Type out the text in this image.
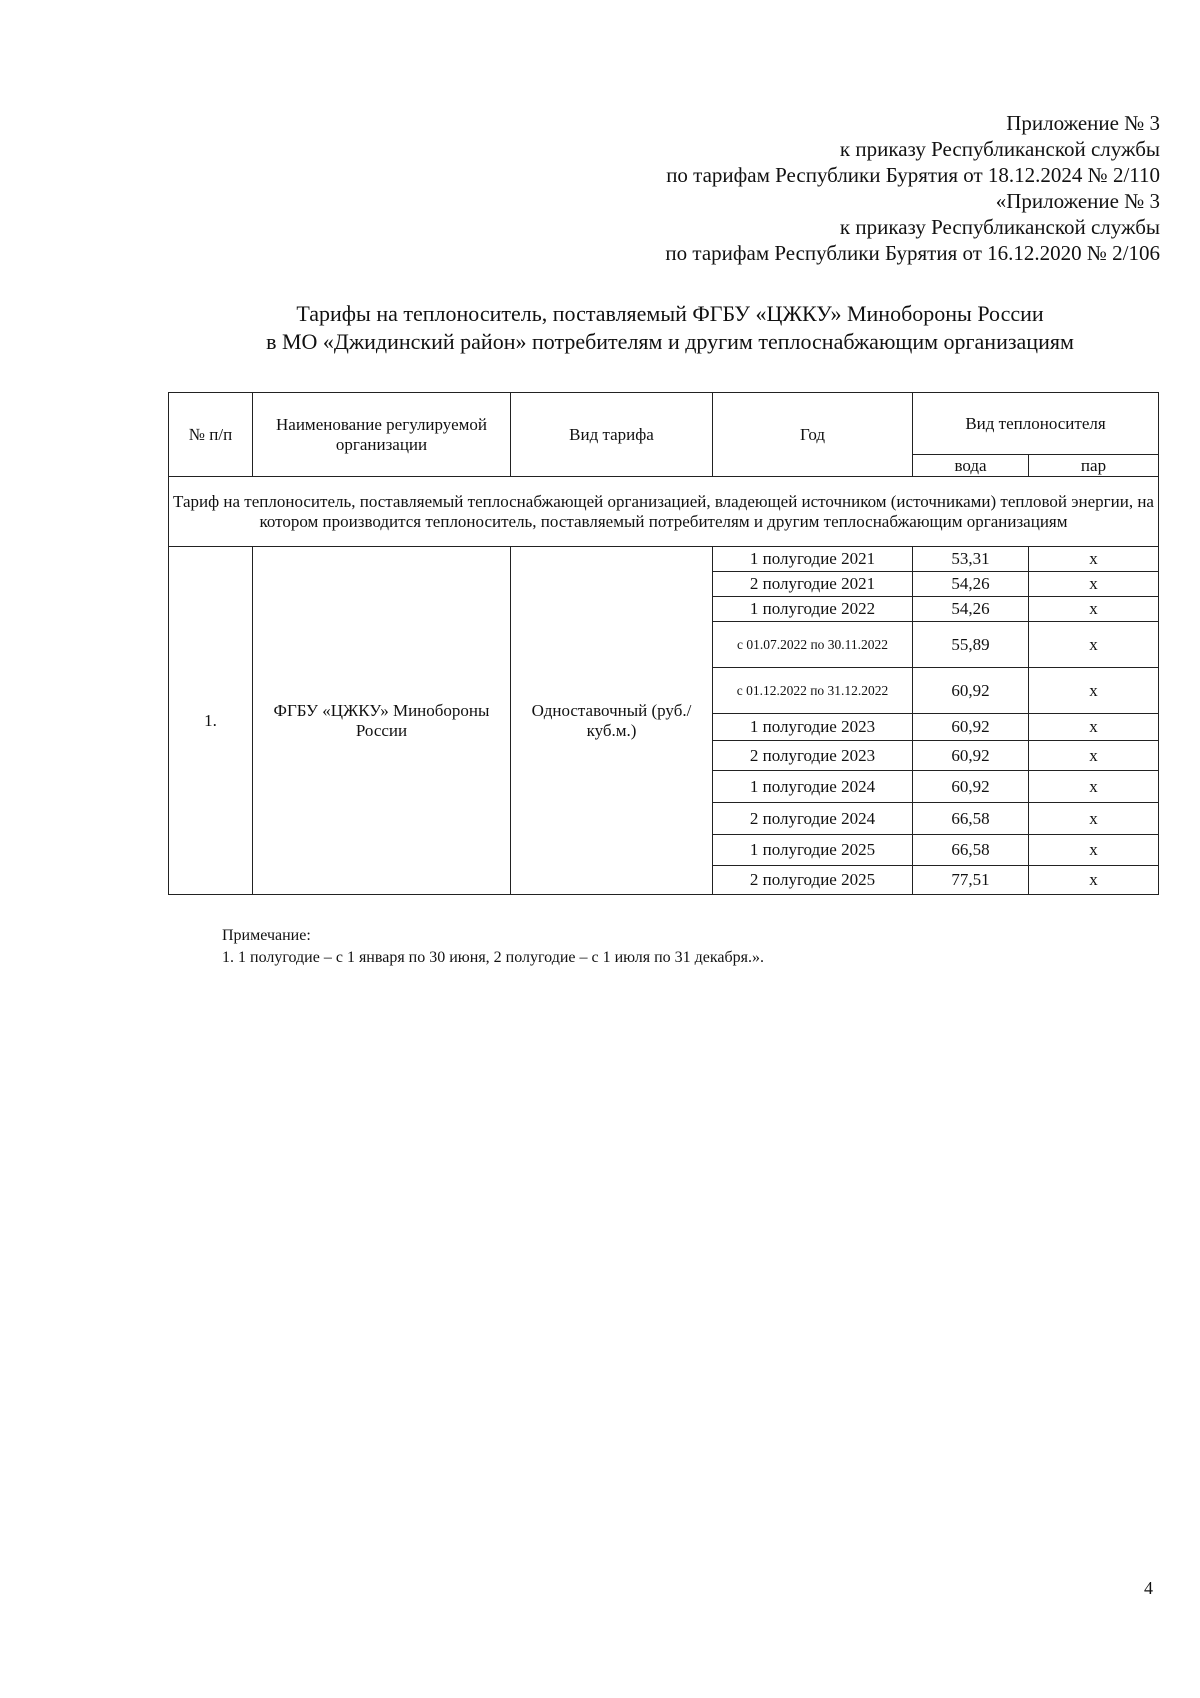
Приложение № 3
к приказу Республиканской службы
по тарифам Республики Бурятия от 18.12.2024 № 2/110
«Приложение № 3
к приказу Республиканской службы
по тарифам Республики Бурятия от 16.12.2020 № 2/106
Тарифы на теплоноситель, поставляемый ФГБУ «ЦЖКУ» Минобороны России
в МО «Джидинский район» потребителям и другим теплоснабжающим организациям
№ п/п	Наименование регулируемой организации	Вид тарифа	Год	Вид теплоносителя	
				вода	пар
Тариф на теплоноситель, поставляемый теплоснабжающей организацией, владеющей источником (источниками) тепловой энергии, на котором производится теплоноситель, поставляемый потребителям и другим теплоснабжающим организациям					
1.	ФГБУ «ЦЖКУ» Минобороны России	Одноставочный (руб./куб.м.)	1 полугодие 2021	53,31	х
			2 полугодие 2021	54,26	х
			1 полугодие 2022	54,26	х
			с 01.07.2022 по 30.11.2022	55,89	х
			с 01.12.2022 по 31.12.2022	60,92	х
			1 полугодие 2023	60,92	х
			2 полугодие 2023	60,92	х
			1 полугодие 2024	60,92	х
			2 полугодие 2024	66,58	х
			1 полугодие 2025	66,58	х
			2 полугодие 2025	77,51	х
Примечание:
1. 1 полугодие – с 1 января по 30 июня, 2 полугодие – с 1 июля по 31 декабря.».
4
